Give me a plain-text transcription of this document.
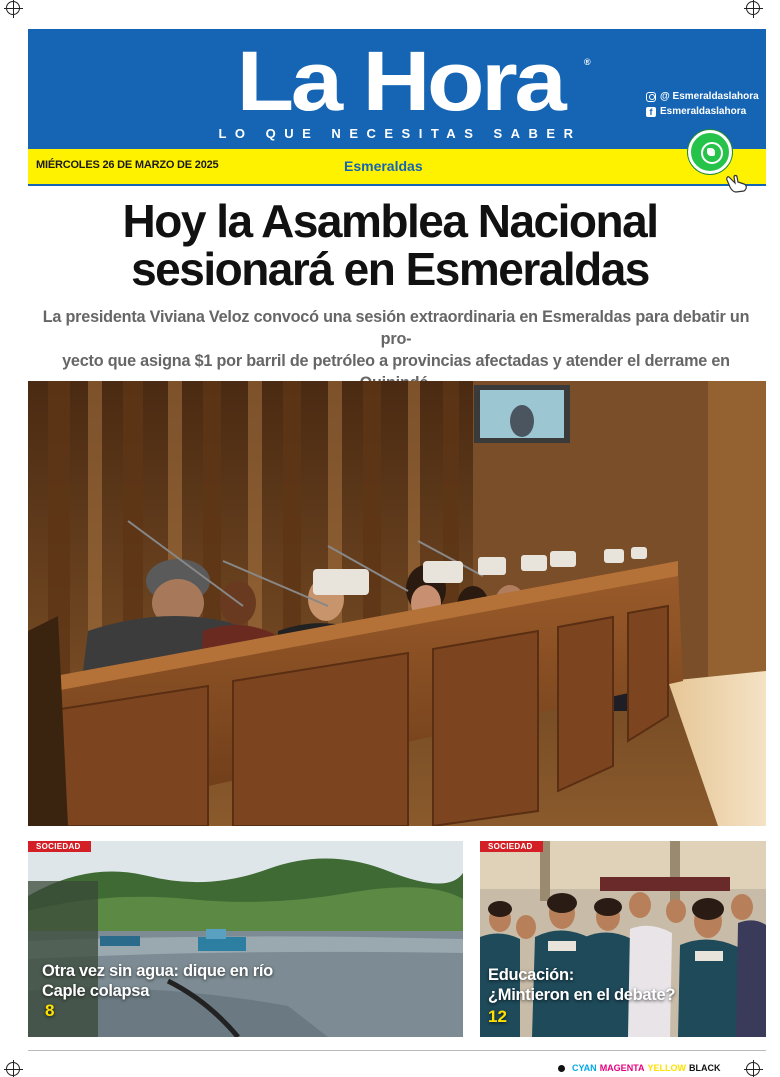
La Hora	®
LO QUE NECESITAS SABER
@ Esmeraldaslahora
f Esmeraldaslahora
MIÉRCOLES 26 DE MARZO DE 2025	Esmeraldas
Hoy la Asamblea Nacional
sesionará en Esmeraldas
La presidenta Viviana Veloz convocó una sesión extraordinaria en Esmeraldas para debatir un pro-
yecto que asigna $1 por barril de petróleo a provincias afectadas y atender el derrame en
SOCIEDAD
Otra vez sin agua: dique en río
Caple colapsa
8
SOCIEDAD
Educación:
¿Mintieron en el debate?
12
CYAN MAGENTA YELLOW BLACK
